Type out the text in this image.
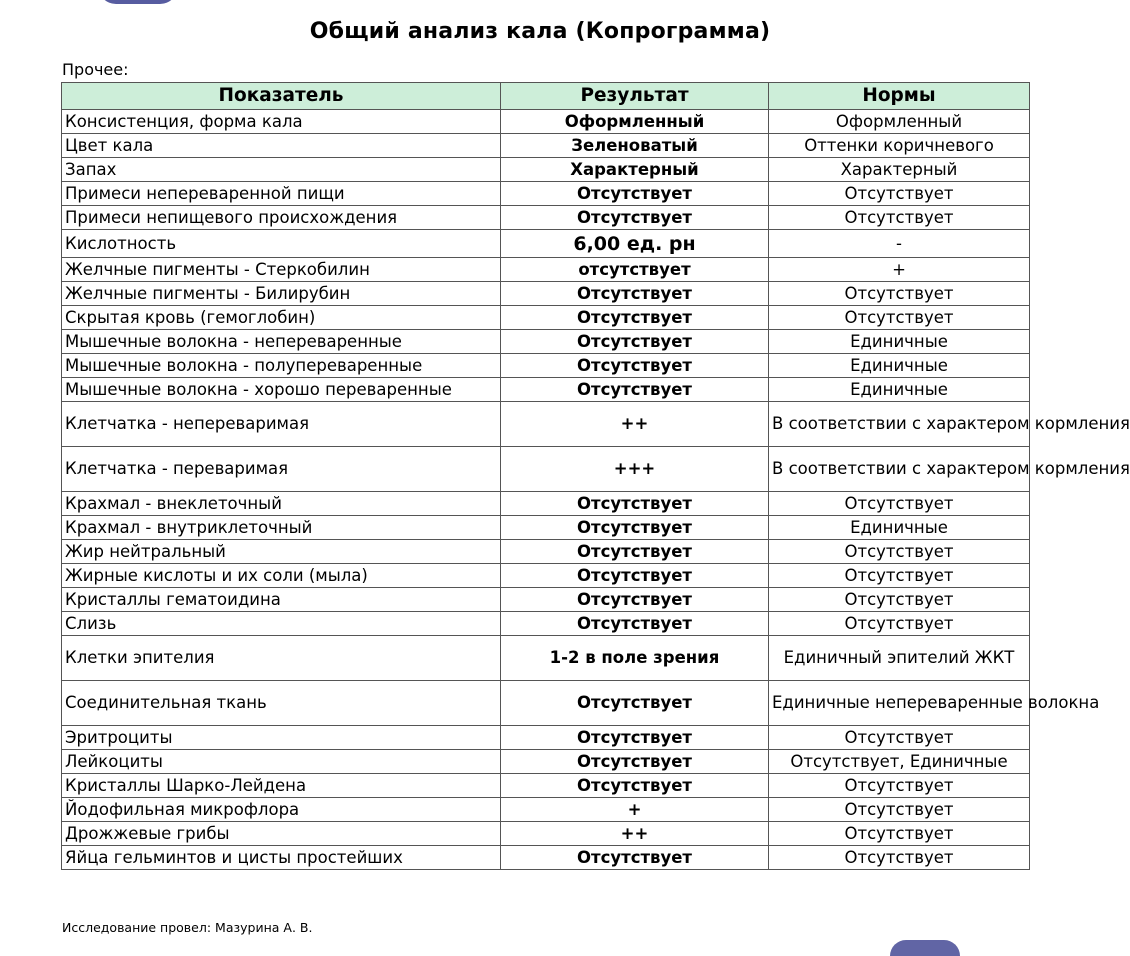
Общий анализ кала (Копрограмма)
Прочее:
Показатель	Результат	Нормы
Консистенция, форма кала	Оформленный	Оформленный
Цвет кала	Зеленоватый	Оттенки коричневого
Запах	Характерный	Характерный
Примеси непереваренной пищи	Отсутствует	Отсутствует
Примеси непищевого происхождения	Отсутствует	Отсутствует
Кислотность	6,00 ед. рн	-
Желчные пигменты - Стеркобилин	отсутствует	+
Желчные пигменты - Билирубин	Отсутствует	Отсутствует
Скрытая кровь (гемоглобин)	Отсутствует	Отсутствует
Мышечные волокна - непереваренные	Отсутствует	Единичные
Мышечные волокна - полупереваренные	Отсутствует	Единичные
Мышечные волокна - хорошо переваренные	Отсутствует	Единичные
Клетчатка - непереваримая	++	В соответствии с характером кормления
Клетчатка - переваримая	+++	В соответствии с характером кормления
Крахмал - внеклеточный	Отсутствует	Отсутствует
Крахмал - внутриклеточный	Отсутствует	Единичные
Жир нейтральный	Отсутствует	Отсутствует
Жирные кислоты и их соли (мыла)	Отсутствует	Отсутствует
Кристаллы гематоидина	Отсутствует	Отсутствует
Слизь	Отсутствует	Отсутствует
Клетки эпителия	1-2 в поле зрения	Единичный эпителий ЖКТ
Соединительная ткань	Отсутствует	Единичные непереваренные волокна
Эритроциты	Отсутствует	Отсутствует
Лейкоциты	Отсутствует	Отсутствует, Единичные
Кристаллы Шарко-Лейдена	Отсутствует	Отсутствует
Йодофильная микрофлора	+	Отсутствует
Дрожжевые грибы	++	Отсутствует
Яйца гельминтов и цисты простейших	Отсутствует	Отсутствует
Исследование провел: Мазурина А. В.
